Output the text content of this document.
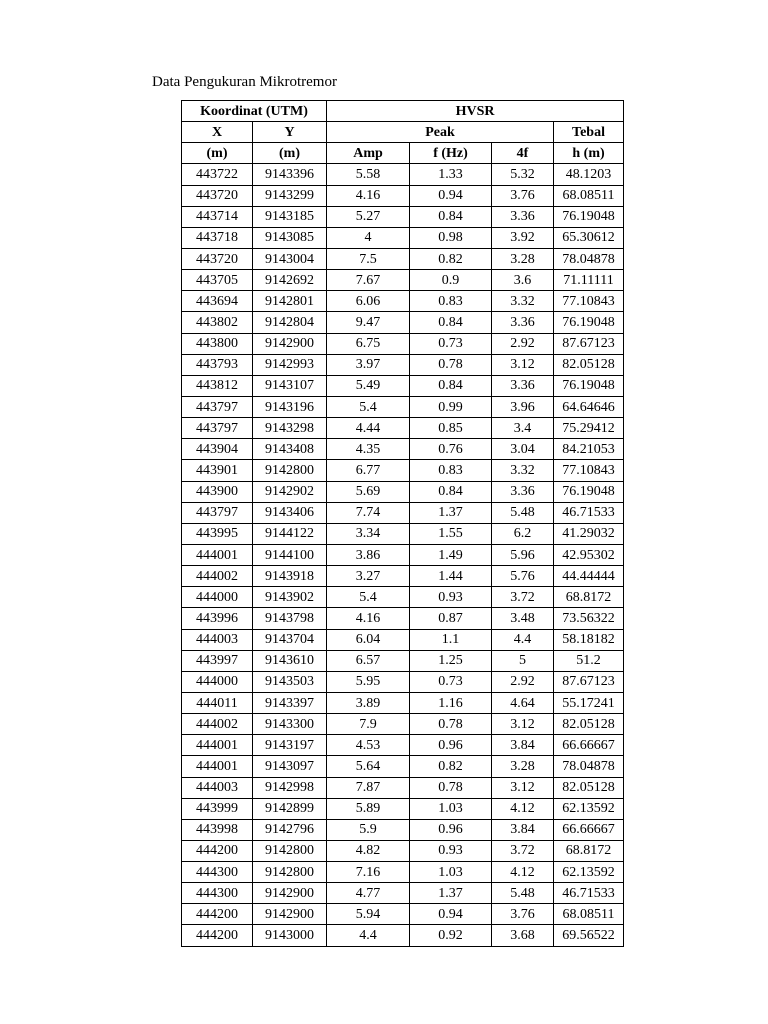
Data Pengukuran Mikrotremor
Koordinat (UTM)		HVSR			
X	Y	Peak			Tebal
(m)	(m)	Amp	f (Hz)	4f	h (m)
443722	9143396	5.58	1.33	5.32	48.1203
443720	9143299	4.16	0.94	3.76	68.08511
443714	9143185	5.27	0.84	3.36	76.19048
443718	9143085	4	0.98	3.92	65.30612
443720	9143004	7.5	0.82	3.28	78.04878
443705	9142692	7.67	0.9	3.6	71.11111
443694	9142801	6.06	0.83	3.32	77.10843
443802	9142804	9.47	0.84	3.36	76.19048
443800	9142900	6.75	0.73	2.92	87.67123
443793	9142993	3.97	0.78	3.12	82.05128
443812	9143107	5.49	0.84	3.36	76.19048
443797	9143196	5.4	0.99	3.96	64.64646
443797	9143298	4.44	0.85	3.4	75.29412
443904	9143408	4.35	0.76	3.04	84.21053
443901	9142800	6.77	0.83	3.32	77.10843
443900	9142902	5.69	0.84	3.36	76.19048
443797	9143406	7.74	1.37	5.48	46.71533
443995	9144122	3.34	1.55	6.2	41.29032
444001	9144100	3.86	1.49	5.96	42.95302
444002	9143918	3.27	1.44	5.76	44.44444
444000	9143902	5.4	0.93	3.72	68.8172
443996	9143798	4.16	0.87	3.48	73.56322
444003	9143704	6.04	1.1	4.4	58.18182
443997	9143610	6.57	1.25	5	51.2
444000	9143503	5.95	0.73	2.92	87.67123
444011	9143397	3.89	1.16	4.64	55.17241
444002	9143300	7.9	0.78	3.12	82.05128
444001	9143197	4.53	0.96	3.84	66.66667
444001	9143097	5.64	0.82	3.28	78.04878
444003	9142998	7.87	0.78	3.12	82.05128
443999	9142899	5.89	1.03	4.12	62.13592
443998	9142796	5.9	0.96	3.84	66.66667
444200	9142800	4.82	0.93	3.72	68.8172
444300	9142800	7.16	1.03	4.12	62.13592
444300	9142900	4.77	1.37	5.48	46.71533
444200	9142900	5.94	0.94	3.76	68.08511
444200	9143000	4.4	0.92	3.68	69.56522
